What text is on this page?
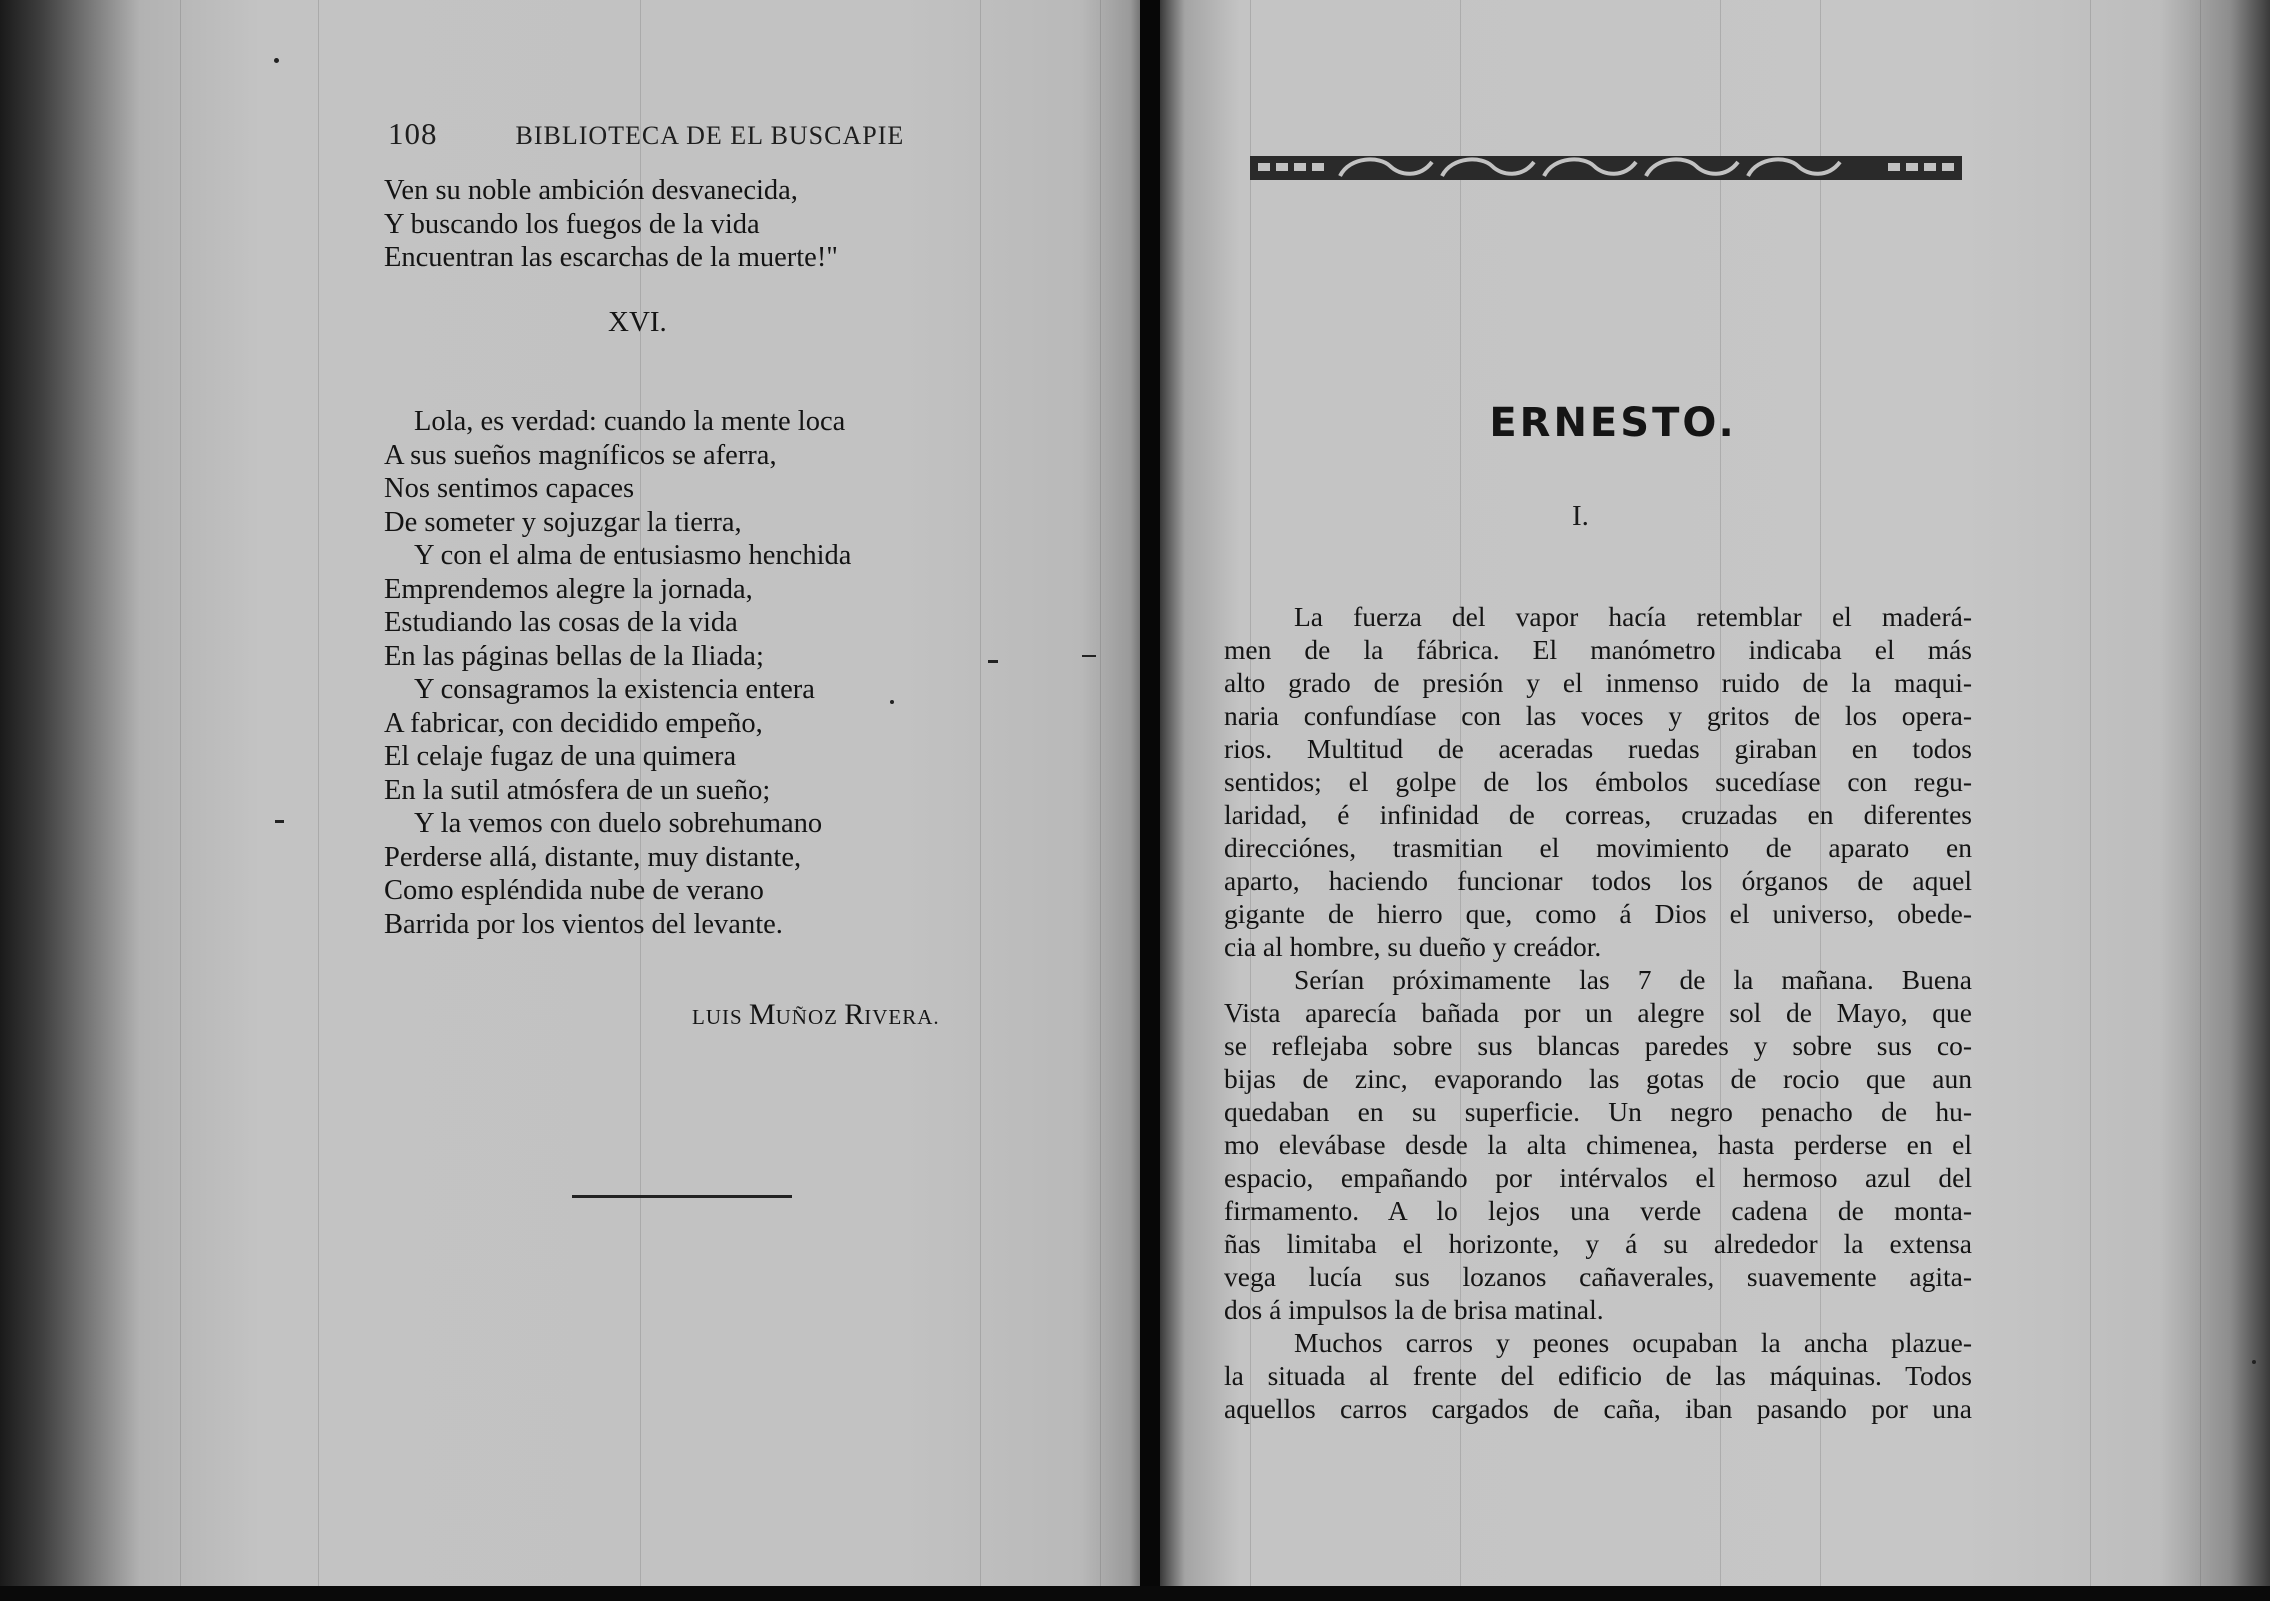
108	BIBLIOTECA DE EL BUSCAPIE
Ven su noble ambición desvanecida,
Y buscando los fuegos de la vida
Encuentran las escarchas de la muerte!"
XVI.
Lola, es verdad: cuando la mente loca
A sus sueños magníficos se aferra,
Nos sentimos capaces
De someter y sojuzgar la tierra,
Y con el alma de entusiasmo henchida
Emprendemos alegre la jornada,
Estudiando las cosas de la vida
En las páginas bellas de la Iliada;
Y consagramos la existencia entera
A fabricar, con decidido empeño,
El celaje fugaz de una quimera
En la sutil atmósfera de un sueño;
Y la vemos con duelo sobrehumano
Perderse allá, distante, muy distante,
Como espléndida nube de verano
Barrida por los vientos del levante.
LUIS MUÑOZ RIVERA.
ERNESTO.
I.
La fuerza del vapor hacía retemblar el maderá-
men de la fábrica. El manómetro indicaba el más
alto grado de presión y el inmenso ruido de la maqui-
naria confundíase con las voces y gritos de los opera-
rios. Multitud de aceradas ruedas giraban en todos
sentidos; el golpe de los émbolos sucedíase con regu-
laridad, é infinidad de correas, cruzadas en diferentes
direcciónes, trasmitian el movimiento de aparato en
aparto, haciendo funcionar todos los órganos de aquel
gigante de hierro que, como á Dios el universo, obede-
cia al hombre, su dueño y creádor.
Serían próximamente las 7 de la mañana. Buena
Vista aparecía bañada por un alegre sol de Mayo, que
se reflejaba sobre sus blancas paredes y sobre sus co-
bijas de zinc, evaporando las gotas de rocio que aun
quedaban en su superficie. Un negro penacho de hu-
mo elevábase desde la alta chimenea, hasta perderse en el
espacio, empañando por intérvalos el hermoso azul del
firmamento. A lo lejos una verde cadena de monta-
ñas limitaba el horizonte, y á su alrededor la extensa
vega lucía sus lozanos cañaverales, suavemente agita-
dos á impulsos la de brisa matinal.
Muchos carros y peones ocupaban la ancha plazue-
la situada al frente del edificio de las máquinas. Todos
aquellos carros cargados de caña, iban pasando por una
